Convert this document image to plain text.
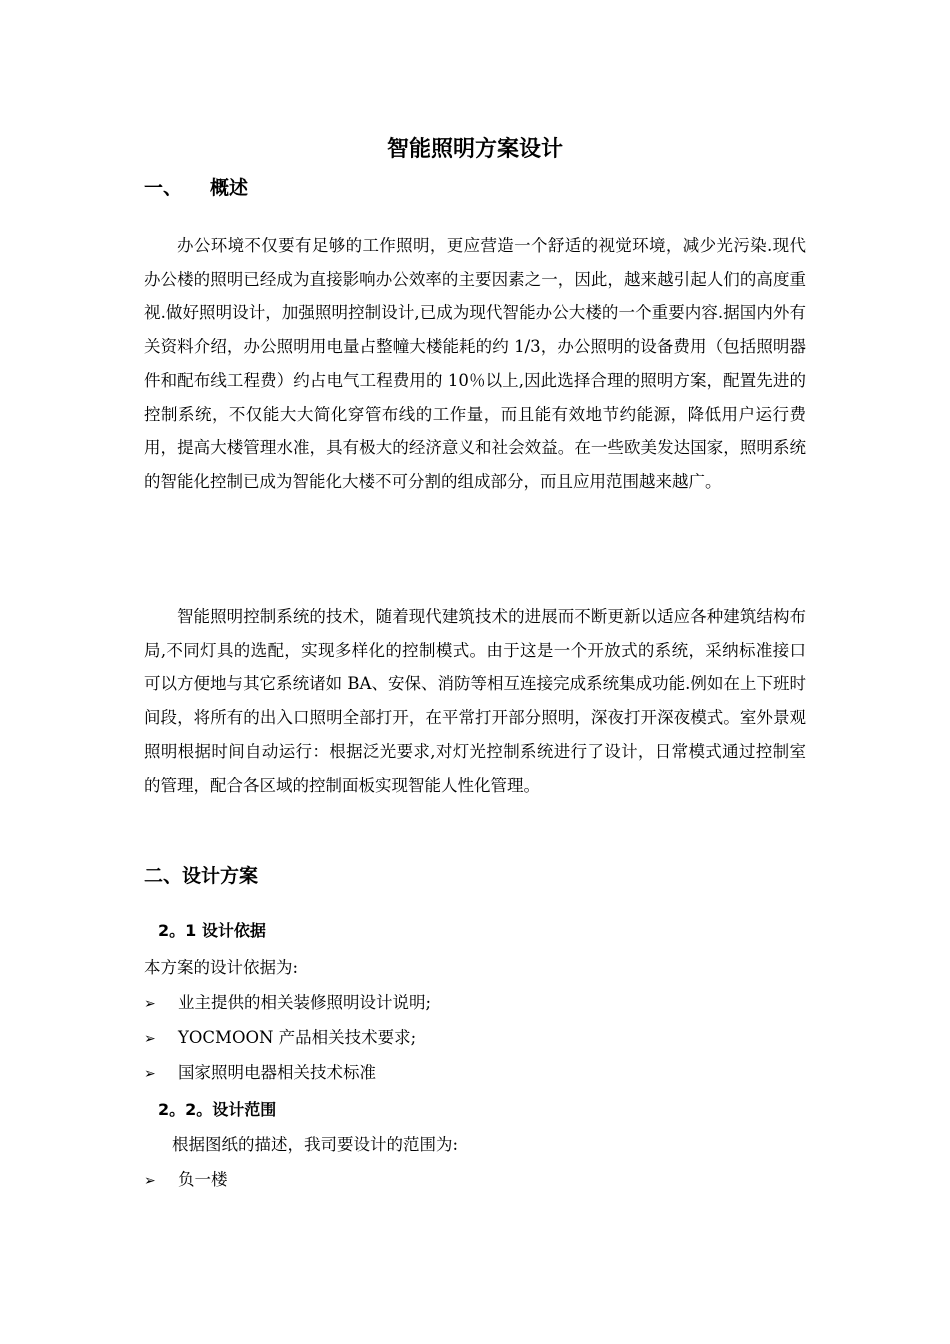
智能照明方案设计
一、 概述

办公环境不仅要有足够的工作照明，更应营造一个舒适的视觉环境，减少光污染.现代办公楼的照明已经成为直接影响办公效率的主要因素之一，因此，越来越引起人们的高度重视.做好照明设计，加强照明控制设计,已成为现代智能办公大楼的一个重要内容.据国内外有关资料介绍，办公照明用电量占整幢大楼能耗的约 1/3，办公照明的设备费用（包括照明器件和配布线工程费）约占电气工程费用的 10％以上,因此选择合理的照明方案，配置先进的控制系统，不仅能大大简化穿管布线的工作量，而且能有效地节约能源，降低用户运行费用，提高大楼管理水准，具有极大的经济意义和社会效益。在一些欧美发达国家，照明系统的智能化控制已成为智能化大楼不可分割的组成部分，而且应用范围越来越广。

智能照明控制系统的技术，随着现代建筑技术的进展而不断更新以适应各种建筑结构布局,不同灯具的选配，实现多样化的控制模式。由于这是一个开放式的系统，采纳标准接口可以方便地与其它系统诸如 BA、安保、消防等相互连接完成系统集成功能.例如在上下班时间段，将所有的出入口照明全部打开，在平常打开部分照明，深夜打开深夜模式。室外景观照明根据时间自动运行：根据泛光要求,对灯光控制系统进行了设计，日常模式通过控制室的管理，配合各区域的控制面板实现智能人性化管理。

二、设计方案
2。1 设计依据
本方案的设计依据为:
➢ 业主提供的相关装修照明设计说明;
➢ YOCMOON 产品相关技术要求;
➢ 国家照明电器相关技术标准
2。2。设计范围
根据图纸的描述，我司要设计的范围为:
➢ 负一楼
